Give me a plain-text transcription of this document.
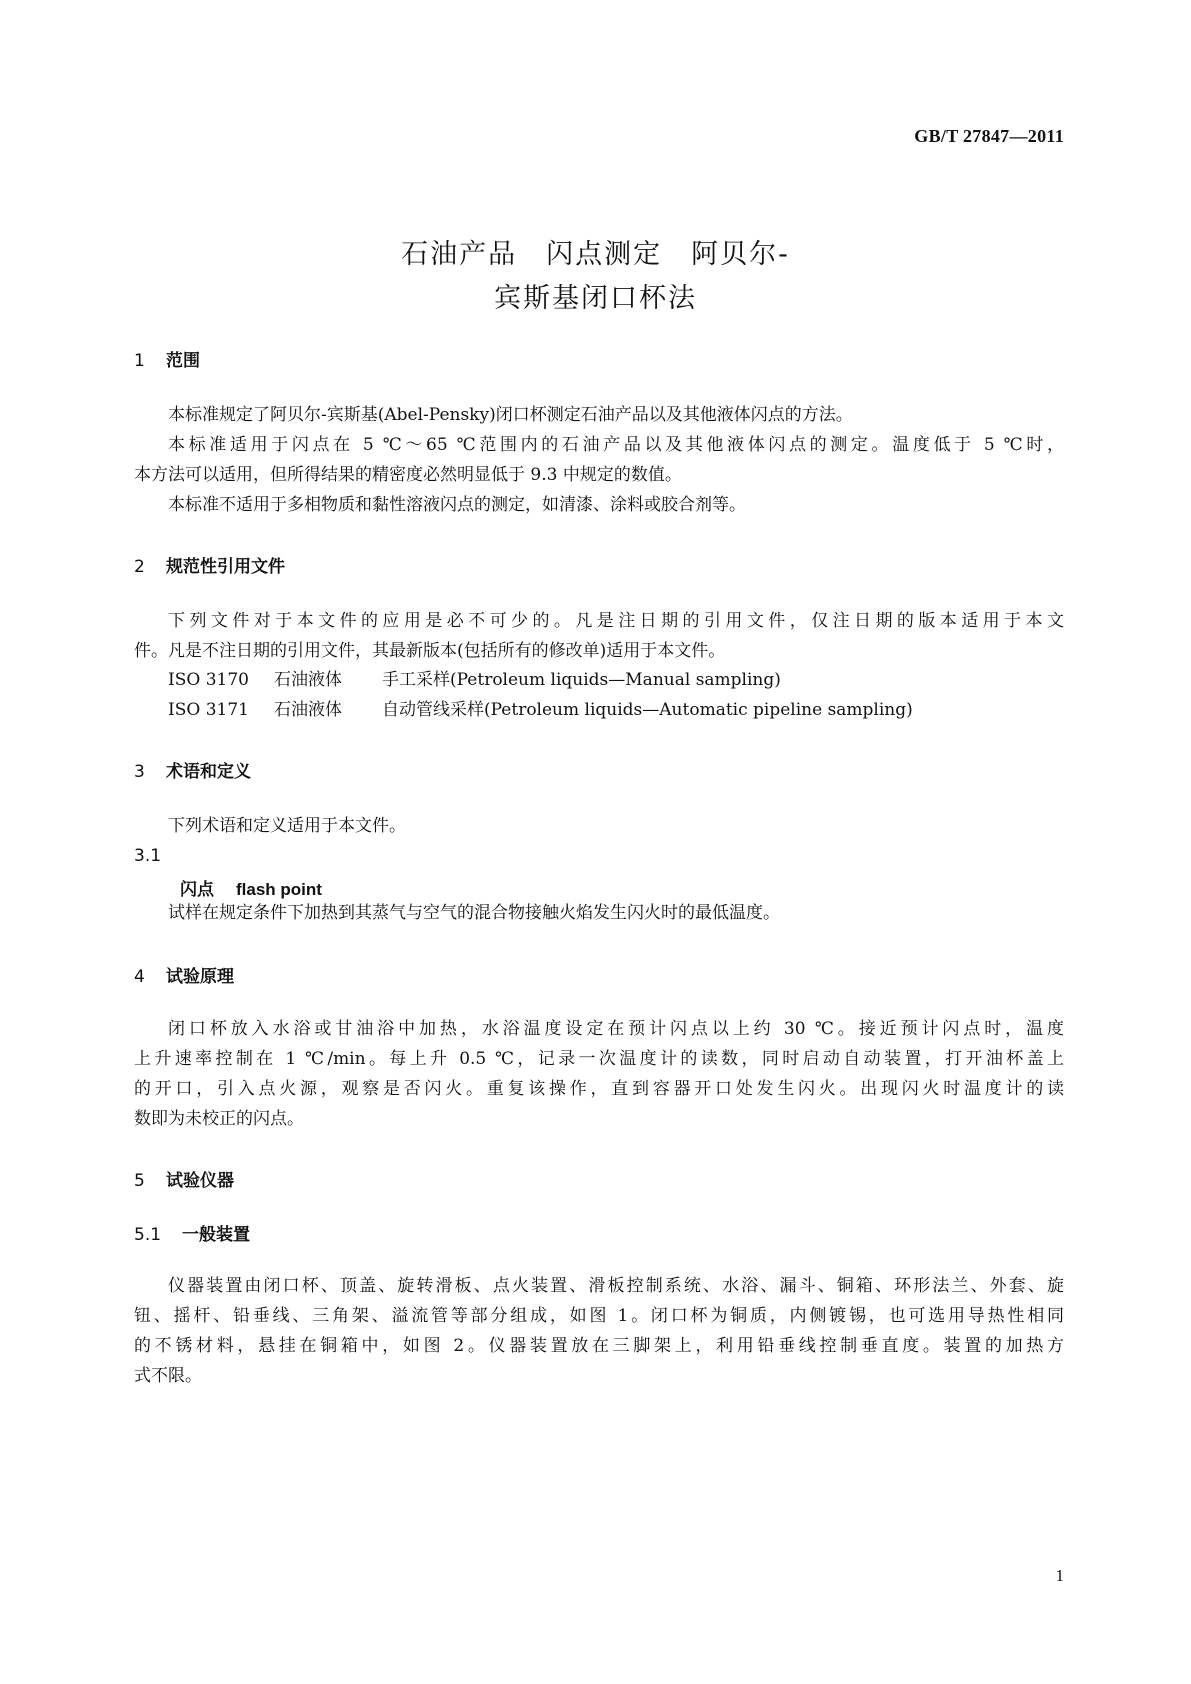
GB/T 27847—2011
石油产品　闪点测定　阿贝尔-
宾斯基闭口杯法
1 范围
本标准规定了阿贝尔-宾斯基(Abel-Pensky)闭口杯测定石油产品以及其他液体闪点的方法。
本标准适用于闪点在 5 ℃～65 ℃范围内的石油产品以及其他液体闪点的测定。温度低于 5 ℃时，
本方法可以适用，但所得结果的精密度必然明显低于 9.3 中规定的数值。
本标准不适用于多相物质和黏性溶液闪点的测定，如清漆、涂料或胶合剂等。
2 规范性引用文件
下列文件对于本文件的应用是必不可少的。凡是注日期的引用文件，仅注日期的版本适用于本文
件。凡是不注日期的引用文件，其最新版本(包括所有的修改单)适用于本文件。
ISO 3170 石油液体 手工采样(Petroleum liquids—Manual sampling)
ISO 3171 石油液体 自动管线采样(Petroleum liquids—Automatic pipeline sampling)
3 术语和定义
下列术语和定义适用于本文件。
3.1
闪点 flash point
试样在规定条件下加热到其蒸气与空气的混合物接触火焰发生闪火时的最低温度。
4 试验原理
闭口杯放入水浴或甘油浴中加热，水浴温度设定在预计闪点以上约 30 ℃。接近预计闪点时，温度
上升速率控制在 1 ℃/min。每上升 0.5 ℃，记录一次温度计的读数，同时启动自动装置，打开油杯盖上
的开口，引入点火源，观察是否闪火。重复该操作，直到容器开口处发生闪火。出现闪火时温度计的读
数即为未校正的闪点。
5 试验仪器
5.1 一般装置
仪器装置由闭口杯、顶盖、旋转滑板、点火装置、滑板控制系统、水浴、漏斗、铜箱、环形法兰、外套、旋
钮、摇杆、铅垂线、三角架、溢流管等部分组成，如图 1。闭口杯为铜质，内侧镀锡，也可选用导热性相同
的不锈材料，悬挂在铜箱中，如图 2。仪器装置放在三脚架上，利用铅垂线控制垂直度。装置的加热方
式不限。
1
